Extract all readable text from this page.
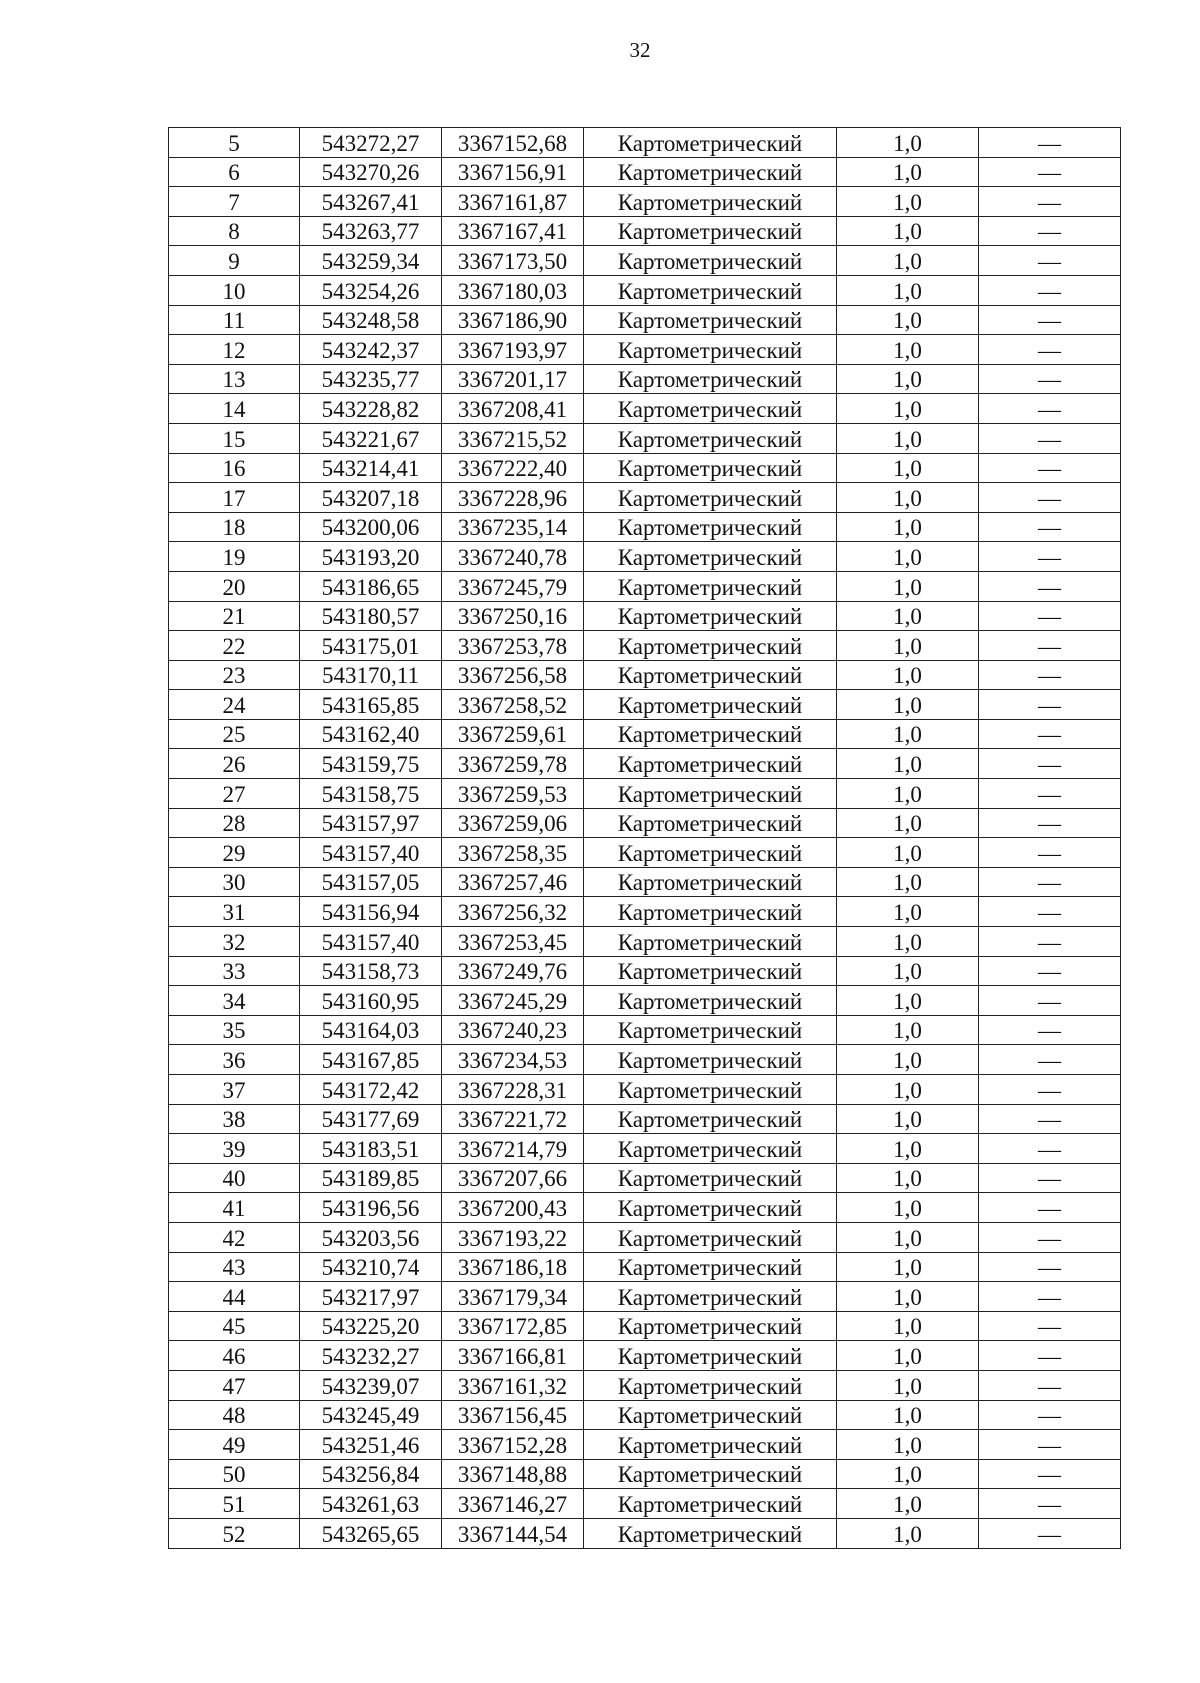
32
5	543272,27	3367152,68	Картометрический	1,0	—
6	543270,26	3367156,91	Картометрический	1,0	—
7	543267,41	3367161,87	Картометрический	1,0	—
8	543263,77	3367167,41	Картометрический	1,0	—
9	543259,34	3367173,50	Картометрический	1,0	—
10	543254,26	3367180,03	Картометрический	1,0	—
11	543248,58	3367186,90	Картометрический	1,0	—
12	543242,37	3367193,97	Картометрический	1,0	—
13	543235,77	3367201,17	Картометрический	1,0	—
14	543228,82	3367208,41	Картометрический	1,0	—
15	543221,67	3367215,52	Картометрический	1,0	—
16	543214,41	3367222,40	Картометрический	1,0	—
17	543207,18	3367228,96	Картометрический	1,0	—
18	543200,06	3367235,14	Картометрический	1,0	—
19	543193,20	3367240,78	Картометрический	1,0	—
20	543186,65	3367245,79	Картометрический	1,0	—
21	543180,57	3367250,16	Картометрический	1,0	—
22	543175,01	3367253,78	Картометрический	1,0	—
23	543170,11	3367256,58	Картометрический	1,0	—
24	543165,85	3367258,52	Картометрический	1,0	—
25	543162,40	3367259,61	Картометрический	1,0	—
26	543159,75	3367259,78	Картометрический	1,0	—
27	543158,75	3367259,53	Картометрический	1,0	—
28	543157,97	3367259,06	Картометрический	1,0	—
29	543157,40	3367258,35	Картометрический	1,0	—
30	543157,05	3367257,46	Картометрический	1,0	—
31	543156,94	3367256,32	Картометрический	1,0	—
32	543157,40	3367253,45	Картометрический	1,0	—
33	543158,73	3367249,76	Картометрический	1,0	—
34	543160,95	3367245,29	Картометрический	1,0	—
35	543164,03	3367240,23	Картометрический	1,0	—
36	543167,85	3367234,53	Картометрический	1,0	—
37	543172,42	3367228,31	Картометрический	1,0	—
38	543177,69	3367221,72	Картометрический	1,0	—
39	543183,51	3367214,79	Картометрический	1,0	—
40	543189,85	3367207,66	Картометрический	1,0	—
41	543196,56	3367200,43	Картометрический	1,0	—
42	543203,56	3367193,22	Картометрический	1,0	—
43	543210,74	3367186,18	Картометрический	1,0	—
44	543217,97	3367179,34	Картометрический	1,0	—
45	543225,20	3367172,85	Картометрический	1,0	—
46	543232,27	3367166,81	Картометрический	1,0	—
47	543239,07	3367161,32	Картометрический	1,0	—
48	543245,49	3367156,45	Картометрический	1,0	—
49	543251,46	3367152,28	Картометрический	1,0	—
50	543256,84	3367148,88	Картометрический	1,0	—
51	543261,63	3367146,27	Картометрический	1,0	—
52	543265,65	3367144,54	Картометрический	1,0	—
